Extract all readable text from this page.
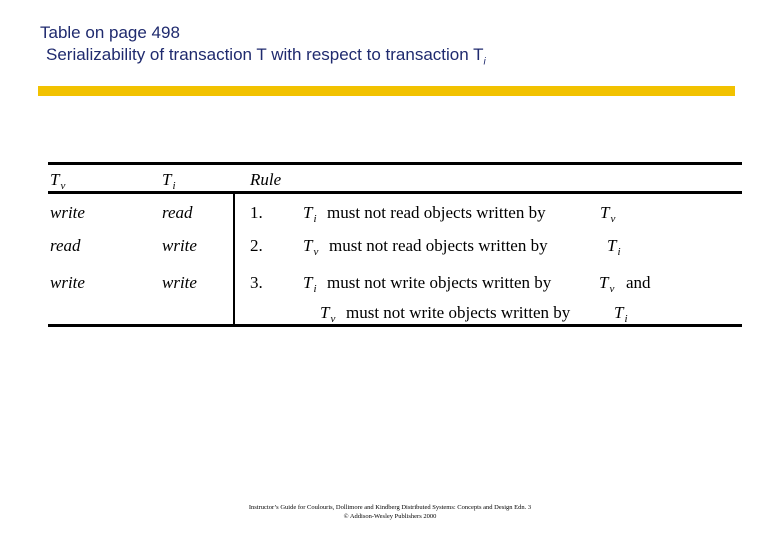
Table on page 498
Serializability of transaction T with respect to transaction $T_i$
$T_v$	$T_i$	Rule
write	read	1. $T_i$ must not read objects written by	$T_v$
read	write	2. $T_v$ must not read objects written by	$T_i$
write	write	3. $T_i$ must not write objects written by	$T_v$ and
$T_v$ must not write objects written by	$T_i$
Instructor’s Guide for Coulouris, Dollimore and Kindberg Distributed Systems: Concepts and Design Edn. 3
© Addison-Wesley Publishers 2000
